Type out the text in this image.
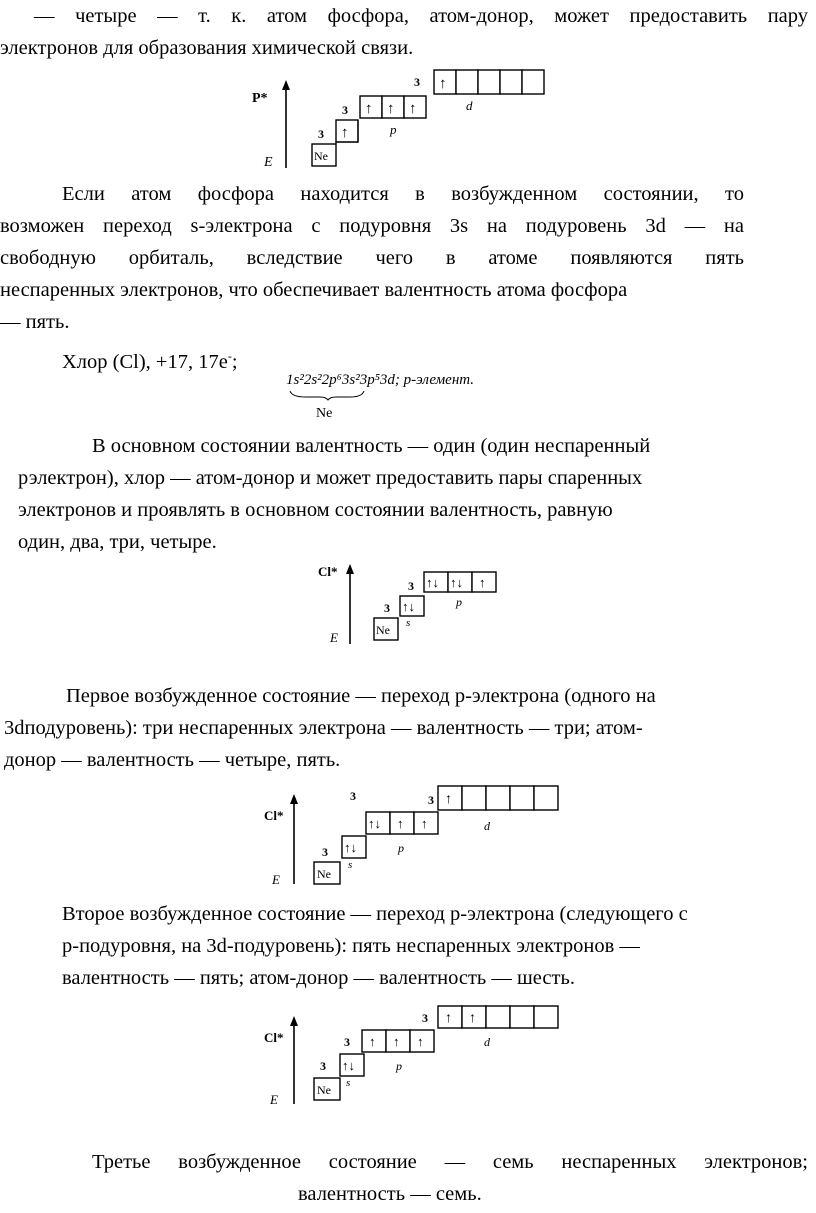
— четыре — т. к. атом фосфора, атом-донор, может предоставить пару
электронов для образования химической связи.
P*
E	Ne
3 ↑
3 ↑ ↑ ↑
p
3 ↑
d
Если атом фосфора находится в возбужденном состоянии, то
возможен переход s-электрона с подуровня 3s на подуровень 3d — на
свободную орбиталь, вследствие чего в атоме появляются пять
неспаренных электронов, что обеспечивает валентность атома фосфора
— пять.
Хлор (Cl), +17, 17e-;
1s²2s²2p⁶3s²3p⁵3d; p-элемент.
Ne
В основном состоянии валентность — один (один неспаренный
рэлектрон), хлор — атом-донор и может предоставить пары спаренных
электронов и проявлять в основном состоянии валентность, равную
один, два, три, четыре.
Cl*
E	Ne
3 ↑↓
s
3 ↑↓ ↑↓ ↑
p
Первое возбужденное состояние — переход р-электрона (одного на
3dподуровень): три неспаренных электрона — валентность — три; атом-
донор — валентность — четыре, пять.
Cl*
E	Ne
3 ↑↓
s
3
↑↓ ↑ ↑
p
3 ↑
d
Второе возбужденное состояние — переход р-электрона (следующего с
р-подуровня, на 3d-подуровень): пять неспаренных электронов —
валентность — пять; атом-донор — валентность — шесть.
Cl*
E
Ne
3 ↑↓
s
3 ↑ ↑ ↑
p
3 ↑ ↑
d
Третье возбужденное состояние — семь неспаренных электронов;
валентность — семь.
